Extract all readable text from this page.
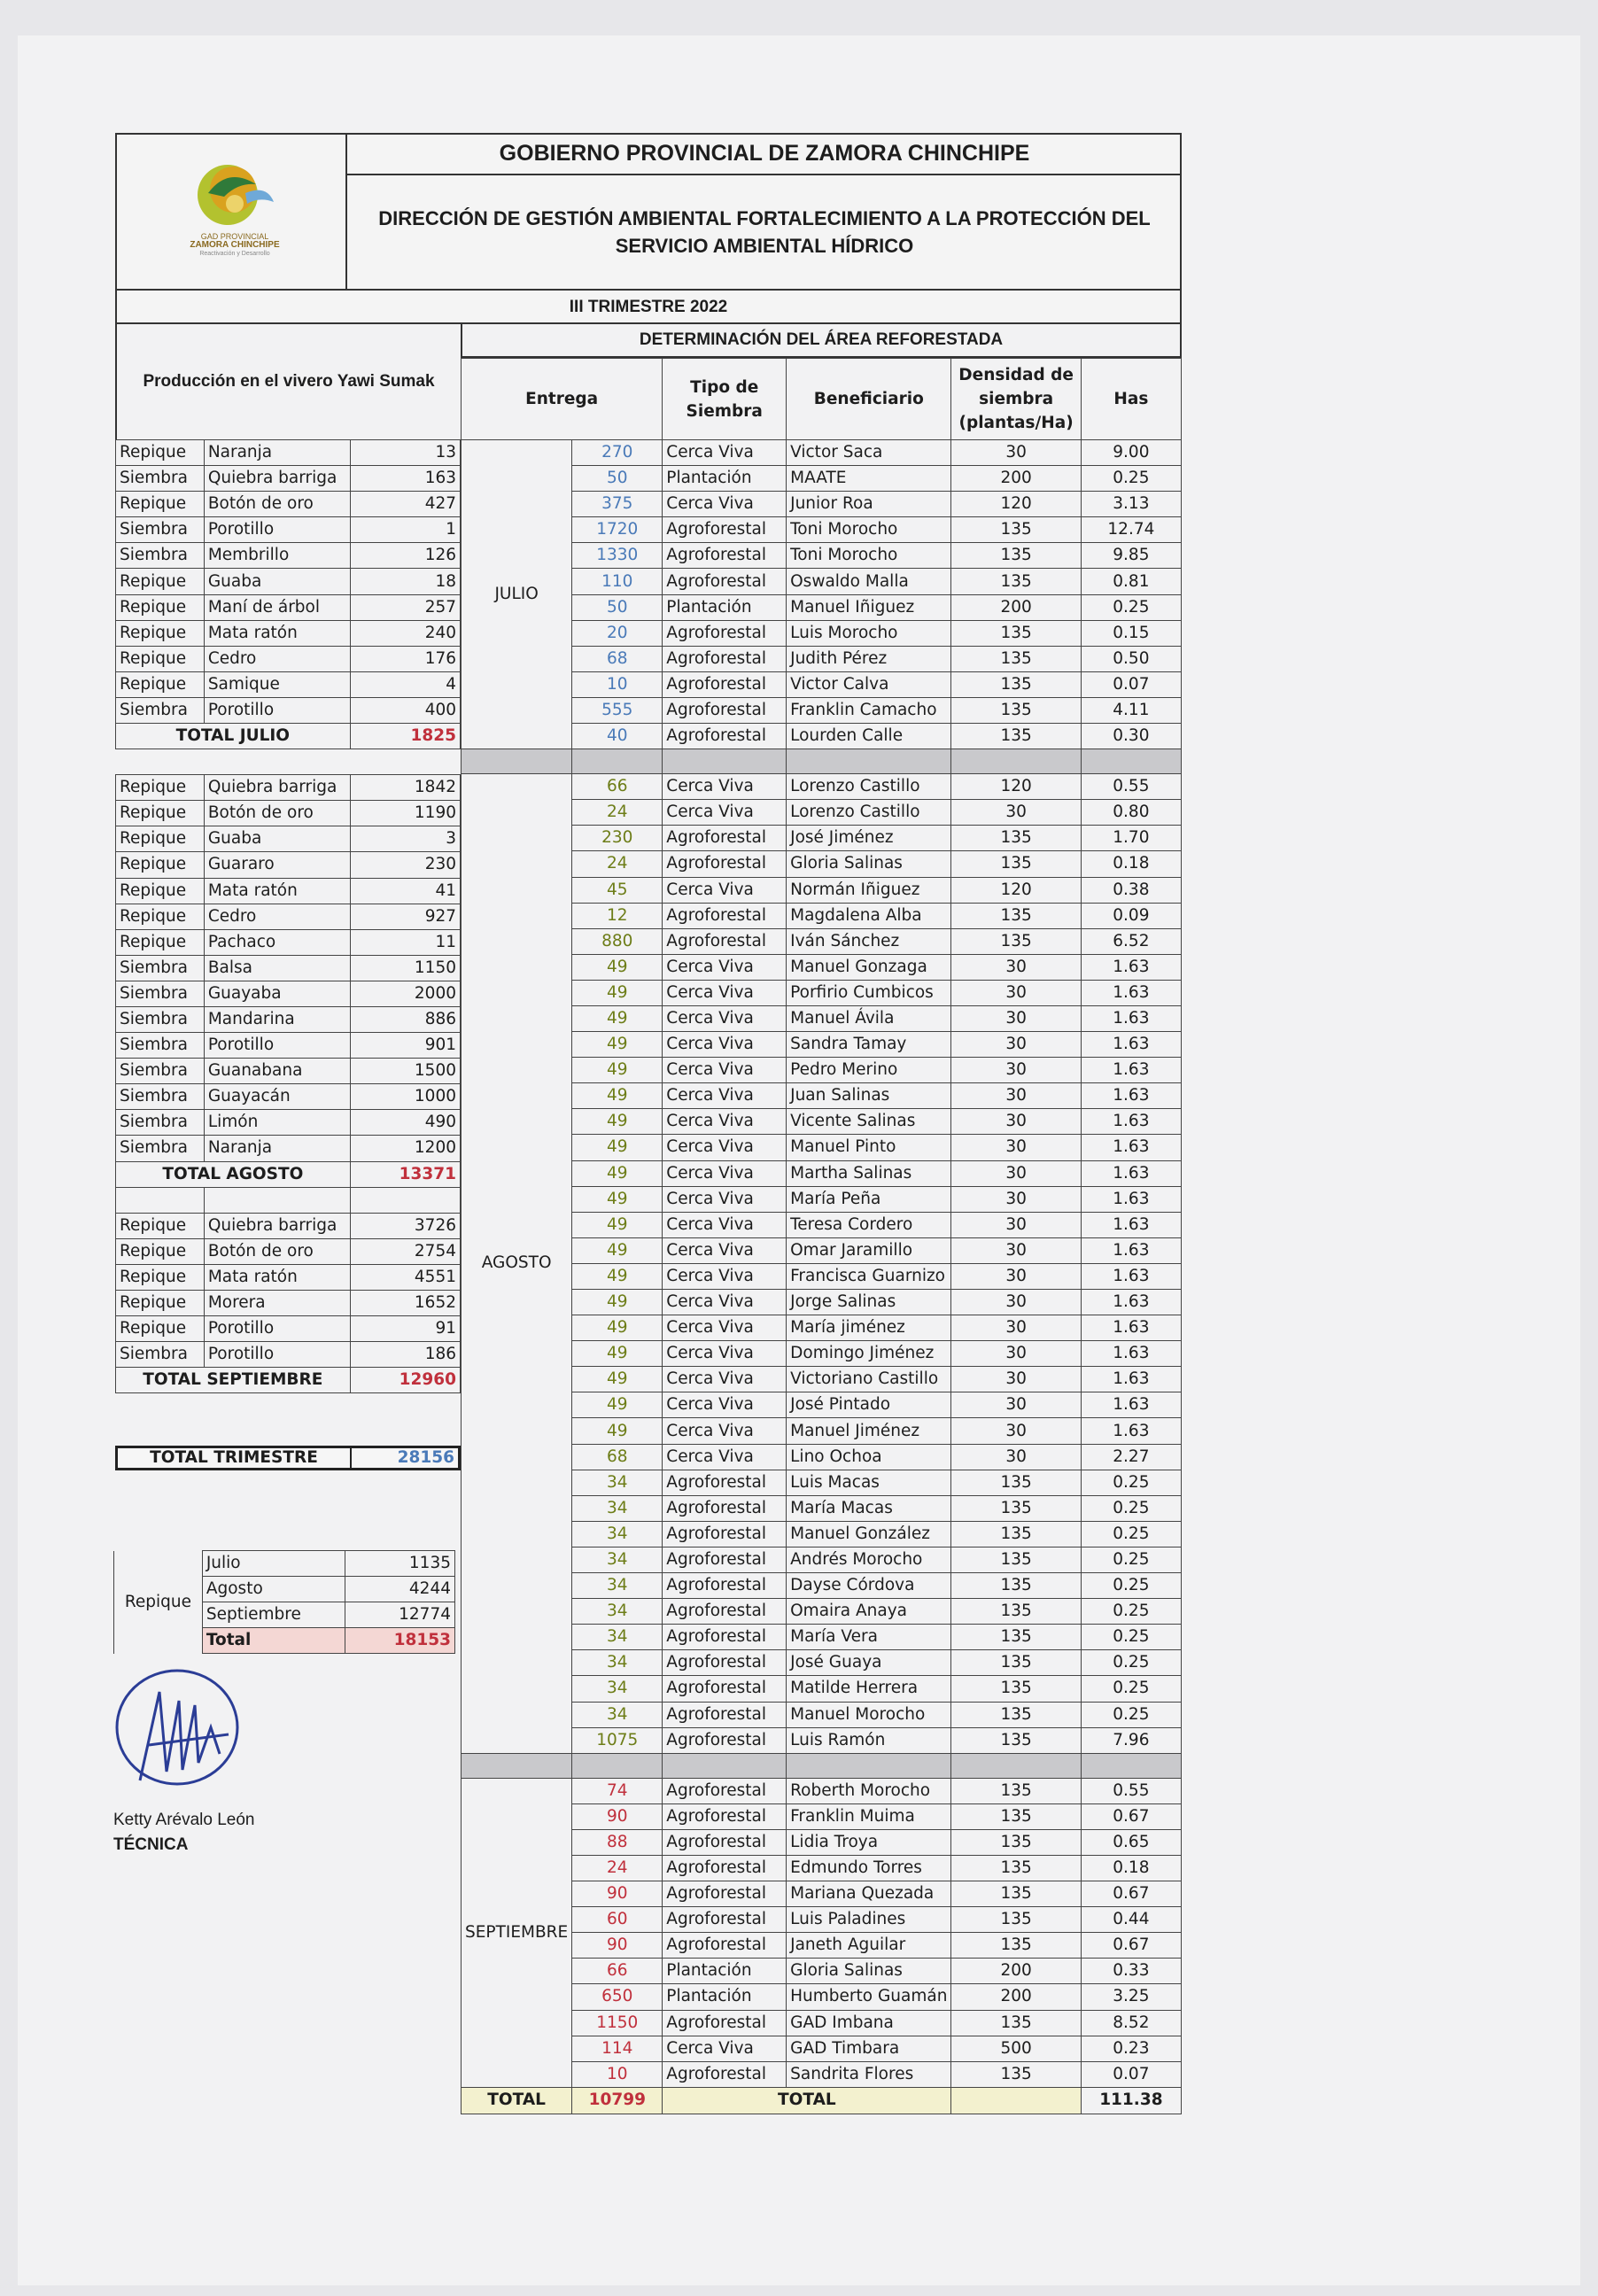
GAD PROVINCIAL
ZAMORA CHINCHIPE
Reactivación y Desarrollo
GOBIERNO PROVINCIAL DE ZAMORA CHINCHIPE
DIRECCIÓN DE GESTIÓN AMBIENTAL FORTALECIMIENTO A LA PROTECCIÓN DEL SERVICIO AMBIENTAL HÍDRICO
III TRIMESTRE 2022
Producción en el vivero Yawi Sumak
Repique	Naranja	13
Siembra	Quiebra barriga	163
Repique	Botón de oro	427
Siembra	Porotillo	1
Siembra	Membrillo	126
Repique	Guaba	18
Repique	Maní de árbol	257
Repique	Mata ratón	240
Repique	Cedro	176
Repique	Samique	4
Siembra	Porotillo	400
TOTAL JULIO		1825

Repique	Quiebra barriga	1842
Repique	Botón de oro	1190
Repique	Guaba	3
Repique	Guararo	230
Repique	Mata ratón	41
Repique	Cedro	927
Repique	Pachaco	11
Siembra	Balsa	1150
Siembra	Guayaba	2000
Siembra	Mandarina	886
Siembra	Porotillo	901
Siembra	Guanabana	1500
Siembra	Guayacán	1000
Siembra	Limón	490
Siembra	Naranja	1200
TOTAL AGOSTO		13371

Repique	Quiebra barriga	3726
Repique	Botón de oro	2754
Repique	Mata ratón	4551
Repique	Morera	1652
Repique	Porotillo	91
Siembra	Porotillo	186
TOTAL SEPTIEMBRE		12960
TOTAL TRIMESTRE	28156
Repique	Julio	1135
	Agosto	4244
	Septiembre	12774
	Total	18153
Ketty Arévalo León
TÉCNICA
DETERMINACIÓN DEL ÁREA REFORESTADA
Entrega		Tipo de Siembra	Beneficiario	Densidad de siembra (plantas/Ha)	Has
JULIO	270	Cerca Viva	Victor Saca	30	9.00
	50	Plantación	MAATE	200	0.25
	375	Cerca Viva	Junior Roa	120	3.13
	1720	Agroforestal	Toni Morocho	135	12.74
	1330	Agroforestal	Toni Morocho	135	9.85
	110	Agroforestal	Oswaldo Malla	135	0.81
	50	Plantación	Manuel Iñiguez	200	0.25
	20	Agroforestal	Luis Morocho	135	0.15
	68	Agroforestal	Judith Pérez	135	0.50
	10	Agroforestal	Victor Calva	135	0.07
	555	Agroforestal	Franklin Camacho	135	4.11
	40	Agroforestal	Lourden Calle	135	0.30

AGOSTO	66	Cerca Viva	Lorenzo Castillo	120	0.55
	24	Cerca Viva	Lorenzo Castillo	30	0.80
	230	Agroforestal	José Jiménez	135	1.70
	24	Agroforestal	Gloria Salinas	135	0.18
	45	Cerca Viva	Normán Iñiguez	120	0.38
	12	Agroforestal	Magdalena Alba	135	0.09
	880	Agroforestal	Iván Sánchez	135	6.52
	49	Cerca Viva	Manuel Gonzaga	30	1.63
	49	Cerca Viva	Porfirio Cumbicos	30	1.63
	49	Cerca Viva	Manuel Ávila	30	1.63
	49	Cerca Viva	Sandra Tamay	30	1.63
	49	Cerca Viva	Pedro Merino	30	1.63
	49	Cerca Viva	Juan Salinas	30	1.63
	49	Cerca Viva	Vicente Salinas	30	1.63
	49	Cerca Viva	Manuel Pinto	30	1.63
	49	Cerca Viva	Martha Salinas	30	1.63
	49	Cerca Viva	María Peña	30	1.63
	49	Cerca Viva	Teresa Cordero	30	1.63
	49	Cerca Viva	Omar Jaramillo	30	1.63
	49	Cerca Viva	Francisca Guarnizo	30	1.63
	49	Cerca Viva	Jorge Salinas	30	1.63
	49	Cerca Viva	María jiménez	30	1.63
	49	Cerca Viva	Domingo Jiménez	30	1.63
	49	Cerca Viva	Victoriano Castillo	30	1.63
	49	Cerca Viva	José Pintado	30	1.63
	49	Cerca Viva	Manuel Jiménez	30	1.63
	68	Cerca Viva	Lino Ochoa	30	2.27
	34	Agroforestal	Luis Macas	135	0.25
	34	Agroforestal	María Macas	135	0.25
	34	Agroforestal	Manuel González	135	0.25
	34	Agroforestal	Andrés Morocho	135	0.25
	34	Agroforestal	Dayse Córdova	135	0.25
	34	Agroforestal	Omaira Anaya	135	0.25
	34	Agroforestal	María Vera	135	0.25
	34	Agroforestal	José Guaya	135	0.25
	34	Agroforestal	Matilde Herrera	135	0.25
	34	Agroforestal	Manuel Morocho	135	0.25
	1075	Agroforestal	Luis Ramón	135	7.96

SEPTIEMBRE	74	Agroforestal	Roberth Morocho	135	0.55
	90	Agroforestal	Franklin Muima	135	0.67
	88	Agroforestal	Lidia Troya	135	0.65
	24	Agroforestal	Edmundo Torres	135	0.18
	90	Agroforestal	Mariana Quezada	135	0.67
	60	Agroforestal	Luis Paladines	135	0.44
	90	Agroforestal	Janeth Aguilar	135	0.67
	66	Plantación	Gloria Salinas	200	0.33
	650	Plantación	Humberto Guamán	200	3.25
	1150	Agroforestal	GAD Imbana	135	8.52
	114	Cerca Viva	GAD Timbara	500	0.23
	10	Agroforestal	Sandrita Flores	135	0.07
TOTAL	10799	TOTAL			111.38
